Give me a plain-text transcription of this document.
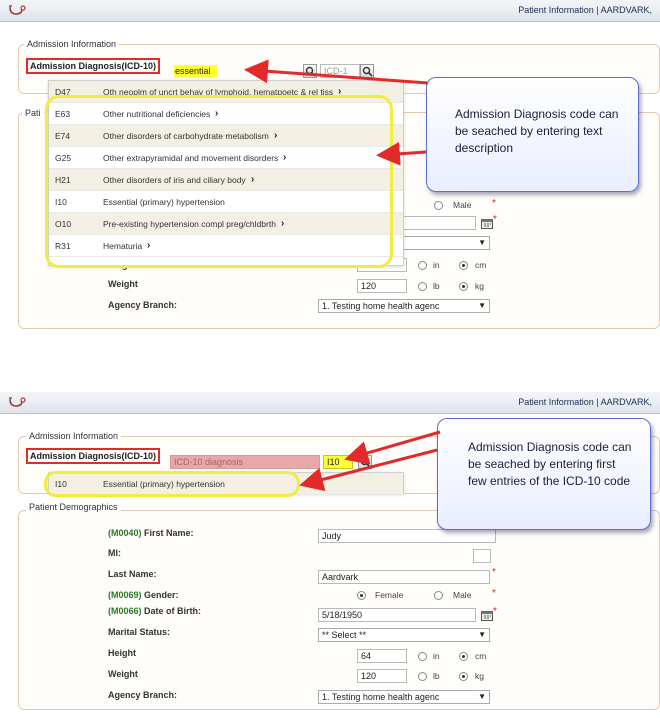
Patient Information | AARDVARK,
Admission Information
Pati
Admission Diagnosis(ICD-10)	essential	ICD-1
Male *
*
▼
in	cm
Weight	120	lb	kg
Agency Branch:	1. Testing home health agenc	▼
D47	Oth neoplm of uncrt behav of lymphoid, hematpoetc & rel tiss ›
E63	Other nutritional deficiencies ›
E74	Other disorders of carbohydrate metabolism ›
G25	Other extrapyramidal and movement disorders ›
H21	Other disorders of iris and ciliary body ›
I10	Essential (primary) hypertension
O10	Pre-existing hypertension compl preg/chldbrth ›
R31	Hematuria ›
Admission Diagnosis code can be seached by entering text description
Patient Information | AARDVARK,
Admission Information
Admission Diagnosis(ICD-10)
ICD-10 diagnosis	I10
I10	Essential (primary) hypertension
Patient Demographics
(M0040) First Name:	Judy
MI:
Last Name:	Aardvark	*
(M0069) Gender:	Female	Male *
(M0066) Date of Birth:	5/18/1950	*
Marital Status:	** Select **	▼
Height	64	in	cm
Weight	120	lb	kg
Agency Branch:	1. Testing home health agenc	▼
Admission Diagnosis code can be seached by entering first few entries of the ICD-10 code
